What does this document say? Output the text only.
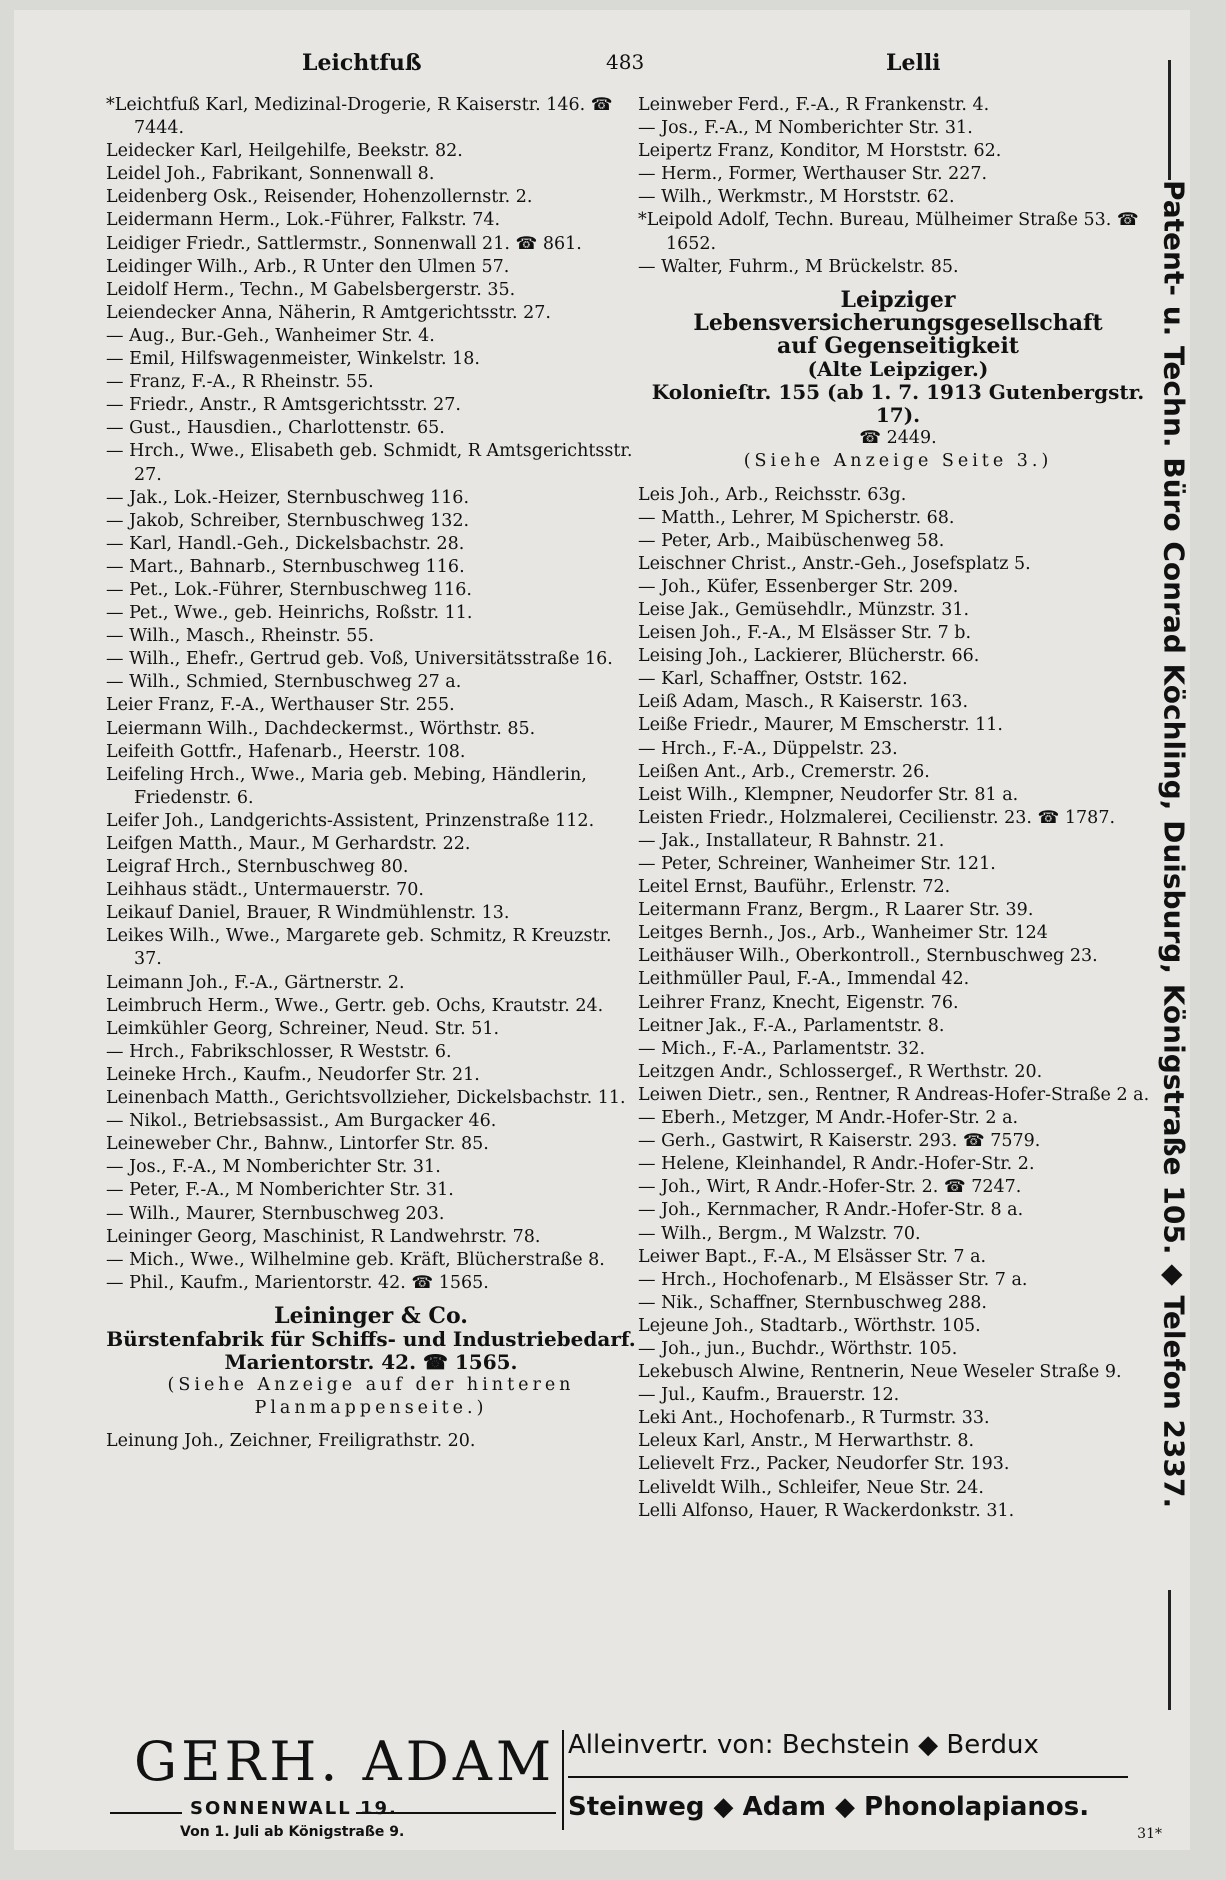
Leichtfuß	483	Lelli
*Leichtfuß Karl, Medizinal-Drogerie, R Kaiserstr. 146. ☎ 7444.
Leidecker Karl, Heilgehilfe, Beekstr. 82.
Leidel Joh., Fabrikant, Sonnenwall 8.
Leidenberg Osk., Reisender, Hohenzollernstr. 2.
Leidermann Herm., Lok.-Führer, Falkstr. 74.
Leidiger Friedr., Sattlermstr., Sonnenwall 21. ☎ 861.
Leidinger Wilh., Arb., R Unter den Ulmen 57.
Leidolf Herm., Techn., M Gabelsbergerstr. 35.
Leiendecker Anna, Näherin, R Amtgerichtsstr. 27.
— Aug., Bur.-Geh., Wanheimer Str. 4.
— Emil, Hilfswagenmeister, Winkelstr. 18.
— Franz, F.-A., R Rheinstr. 55.
— Friedr., Anstr., R Amtsgerichtsstr. 27.
— Gust., Hausdien., Charlottenstr. 65.
— Hrch., Wwe., Elisabeth geb. Schmidt, R Amtsgerichtsstr. 27.
— Jak., Lok.-Heizer, Sternbuschweg 116.
— Jakob, Schreiber, Sternbuschweg 132.
— Karl, Handl.-Geh., Dickelsbachstr. 28.
— Mart., Bahnarb., Sternbuschweg 116.
— Pet., Lok.-Führer, Sternbuschweg 116.
— Pet., Wwe., geb. Heinrichs, Roßstr. 11.
— Wilh., Masch., Rheinstr. 55.
— Wilh., Ehefr., Gertrud geb. Voß, Universitätsstraße 16.
— Wilh., Schmied, Sternbuschweg 27 a.
Leier Franz, F.-A., Werthauser Str. 255.
Leiermann Wilh., Dachdeckermst., Wörthstr. 85.
Leifeith Gottfr., Hafenarb., Heerstr. 108.
Leifeling Hrch., Wwe., Maria geb. Mebing, Händlerin, Friedenstr. 6.
Leifer Joh., Landgerichts-Assistent, Prinzenstraße 112.
Leifgen Matth., Maur., M Gerhardstr. 22.
Leigraf Hrch., Sternbuschweg 80.
Leihhaus städt., Untermauerstr. 70.
Leikauf Daniel, Brauer, R Windmühlenstr. 13.
Leikes Wilh., Wwe., Margarete geb. Schmitz, R Kreuzstr. 37.
Leimann Joh., F.-A., Gärtnerstr. 2.
Leimbruch Herm., Wwe., Gertr. geb. Ochs, Krautstr. 24.
Leimkühler Georg, Schreiner, Neud. Str. 51.
— Hrch., Fabrikschlosser, R Weststr. 6.
Leineke Hrch., Kaufm., Neudorfer Str. 21.
Leinenbach Matth., Gerichtsvollzieher, Dickelsbachstr. 11.
— Nikol., Betriebsassist., Am Burgacker 46.
Leineweber Chr., Bahnw., Lintorfer Str. 85.
— Jos., F.-A., M Nomberichter Str. 31.
— Peter, F.-A., M Nomberichter Str. 31.
— Wilh., Maurer, Sternbuschweg 203.
Leininger Georg, Maschinist, R Landwehrstr. 78.
— Mich., Wwe., Wilhelmine geb. Kräft, Blücherstraße 8.
— Phil., Kaufm., Marientorstr. 42. ☎ 1565.
Leininger & Co.
Bürstenfabrik für Schiffs- und Industriebedarf.
Marientorstr. 42. ☎ 1565.
(Siehe Anzeige auf der hinteren Planmappenseite.)
Leinung Joh., Zeichner, Freiligrathstr. 20.
Leinweber Ferd., F.-A., R Frankenstr. 4.
— Jos., F.-A., M Nomberichter Str. 31.
Leipertz Franz, Konditor, M Horststr. 62.
— Herm., Former, Werthauser Str. 227.
— Wilh., Werkmstr., M Horststr. 62.
*Leipold Adolf, Techn. Bureau, Mülheimer Straße 53. ☎ 1652.
— Walter, Fuhrm., M Brückelstr. 85.
Leipziger Lebensversicherungsgesellschaft
auf Gegenseitigkeit
(Alte Leipziger.)
Kolonieſtr. 155 (ab 1. 7. 1913 Gutenbergstr. 17).
☎ 2449.
(Siehe Anzeige Seite 3.)
Leis Joh., Arb., Reichsstr. 63g.
— Matth., Lehrer, M Spicherstr. 68.
— Peter, Arb., Maibüschenweg 58.
Leischner Christ., Anstr.-Geh., Josefsplatz 5.
— Joh., Küfer, Essenberger Str. 209.
Leise Jak., Gemüsehdlr., Münzstr. 31.
Leisen Joh., F.-A., M Elsässer Str. 7 b.
Leising Joh., Lackierer, Blücherstr. 66.
— Karl, Schaffner, Oststr. 162.
Leiß Adam, Masch., R Kaiserstr. 163.
Leiße Friedr., Maurer, M Emscherstr. 11.
— Hrch., F.-A., Düppelstr. 23.
Leißen Ant., Arb., Cremerstr. 26.
Leist Wilh., Klempner, Neudorfer Str. 81 a.
Leisten Friedr., Holzmalerei, Cecilienstr. 23. ☎ 1787.
— Jak., Installateur, R Bahnstr. 21.
— Peter, Schreiner, Wanheimer Str. 121.
Leitel Ernst, Bauführ., Erlenstr. 72.
Leitermann Franz, Bergm., R Laarer Str. 39.
Leitges Bernh., Jos., Arb., Wanheimer Str. 124
Leithäuser Wilh., Oberkontroll., Sternbuschweg 23.
Leithmüller Paul, F.-A., Immendal 42.
Leihrer Franz, Knecht, Eigenstr. 76.
Leitner Jak., F.-A., Parlamentstr. 8.
— Mich., F.-A., Parlamentstr. 32.
Leitzgen Andr., Schlossergef., R Werthstr. 20.
Leiwen Dietr., sen., Rentner, R Andreas-Hofer-Straße 2 a.
— Eberh., Metzger, M Andr.-Hofer-Str. 2 a.
— Gerh., Gastwirt, R Kaiserstr. 293. ☎ 7579.
— Helene, Kleinhandel, R Andr.-Hofer-Str. 2.
— Joh., Wirt, R Andr.-Hofer-Str. 2. ☎ 7247.
— Joh., Kernmacher, R Andr.-Hofer-Str. 8 a.
— Wilh., Bergm., M Walzstr. 70.
Leiwer Bapt., F.-A., M Elsässer Str. 7 a.
— Hrch., Hochofenarb., M Elsässer Str. 7 a.
— Nik., Schaffner, Sternbuschweg 288.
Lejeune Joh., Stadtarb., Wörthstr. 105.
— Joh., jun., Buchdr., Wörthstr. 105.
Lekebusch Alwine, Rentnerin, Neue Weseler Straße 9.
— Jul., Kaufm., Brauerstr. 12.
Leki Ant., Hochofenarb., R Turmstr. 33.
Leleux Karl, Anstr., M Herwarthstr. 8.
Lelievelt Frz., Packer, Neudorfer Str. 193.
Leliveldt Wilh., Schleifer, Neue Str. 24.
Lelli Alfonso, Hauer, R Wackerdonkstr. 31.
Patent- u. Techn. Büro Conrad Köchling, Duisburg, Königstraße 105. ◆ Telefon 2337.
GERH. ADAM
SONNENWALL 19.
Von 1. Juli ab Königstraße 9.
Alleinvertr. von: Bechstein ◆ Berdux
Steinweg ◆ Adam ◆ Phonolapianos.
31*
